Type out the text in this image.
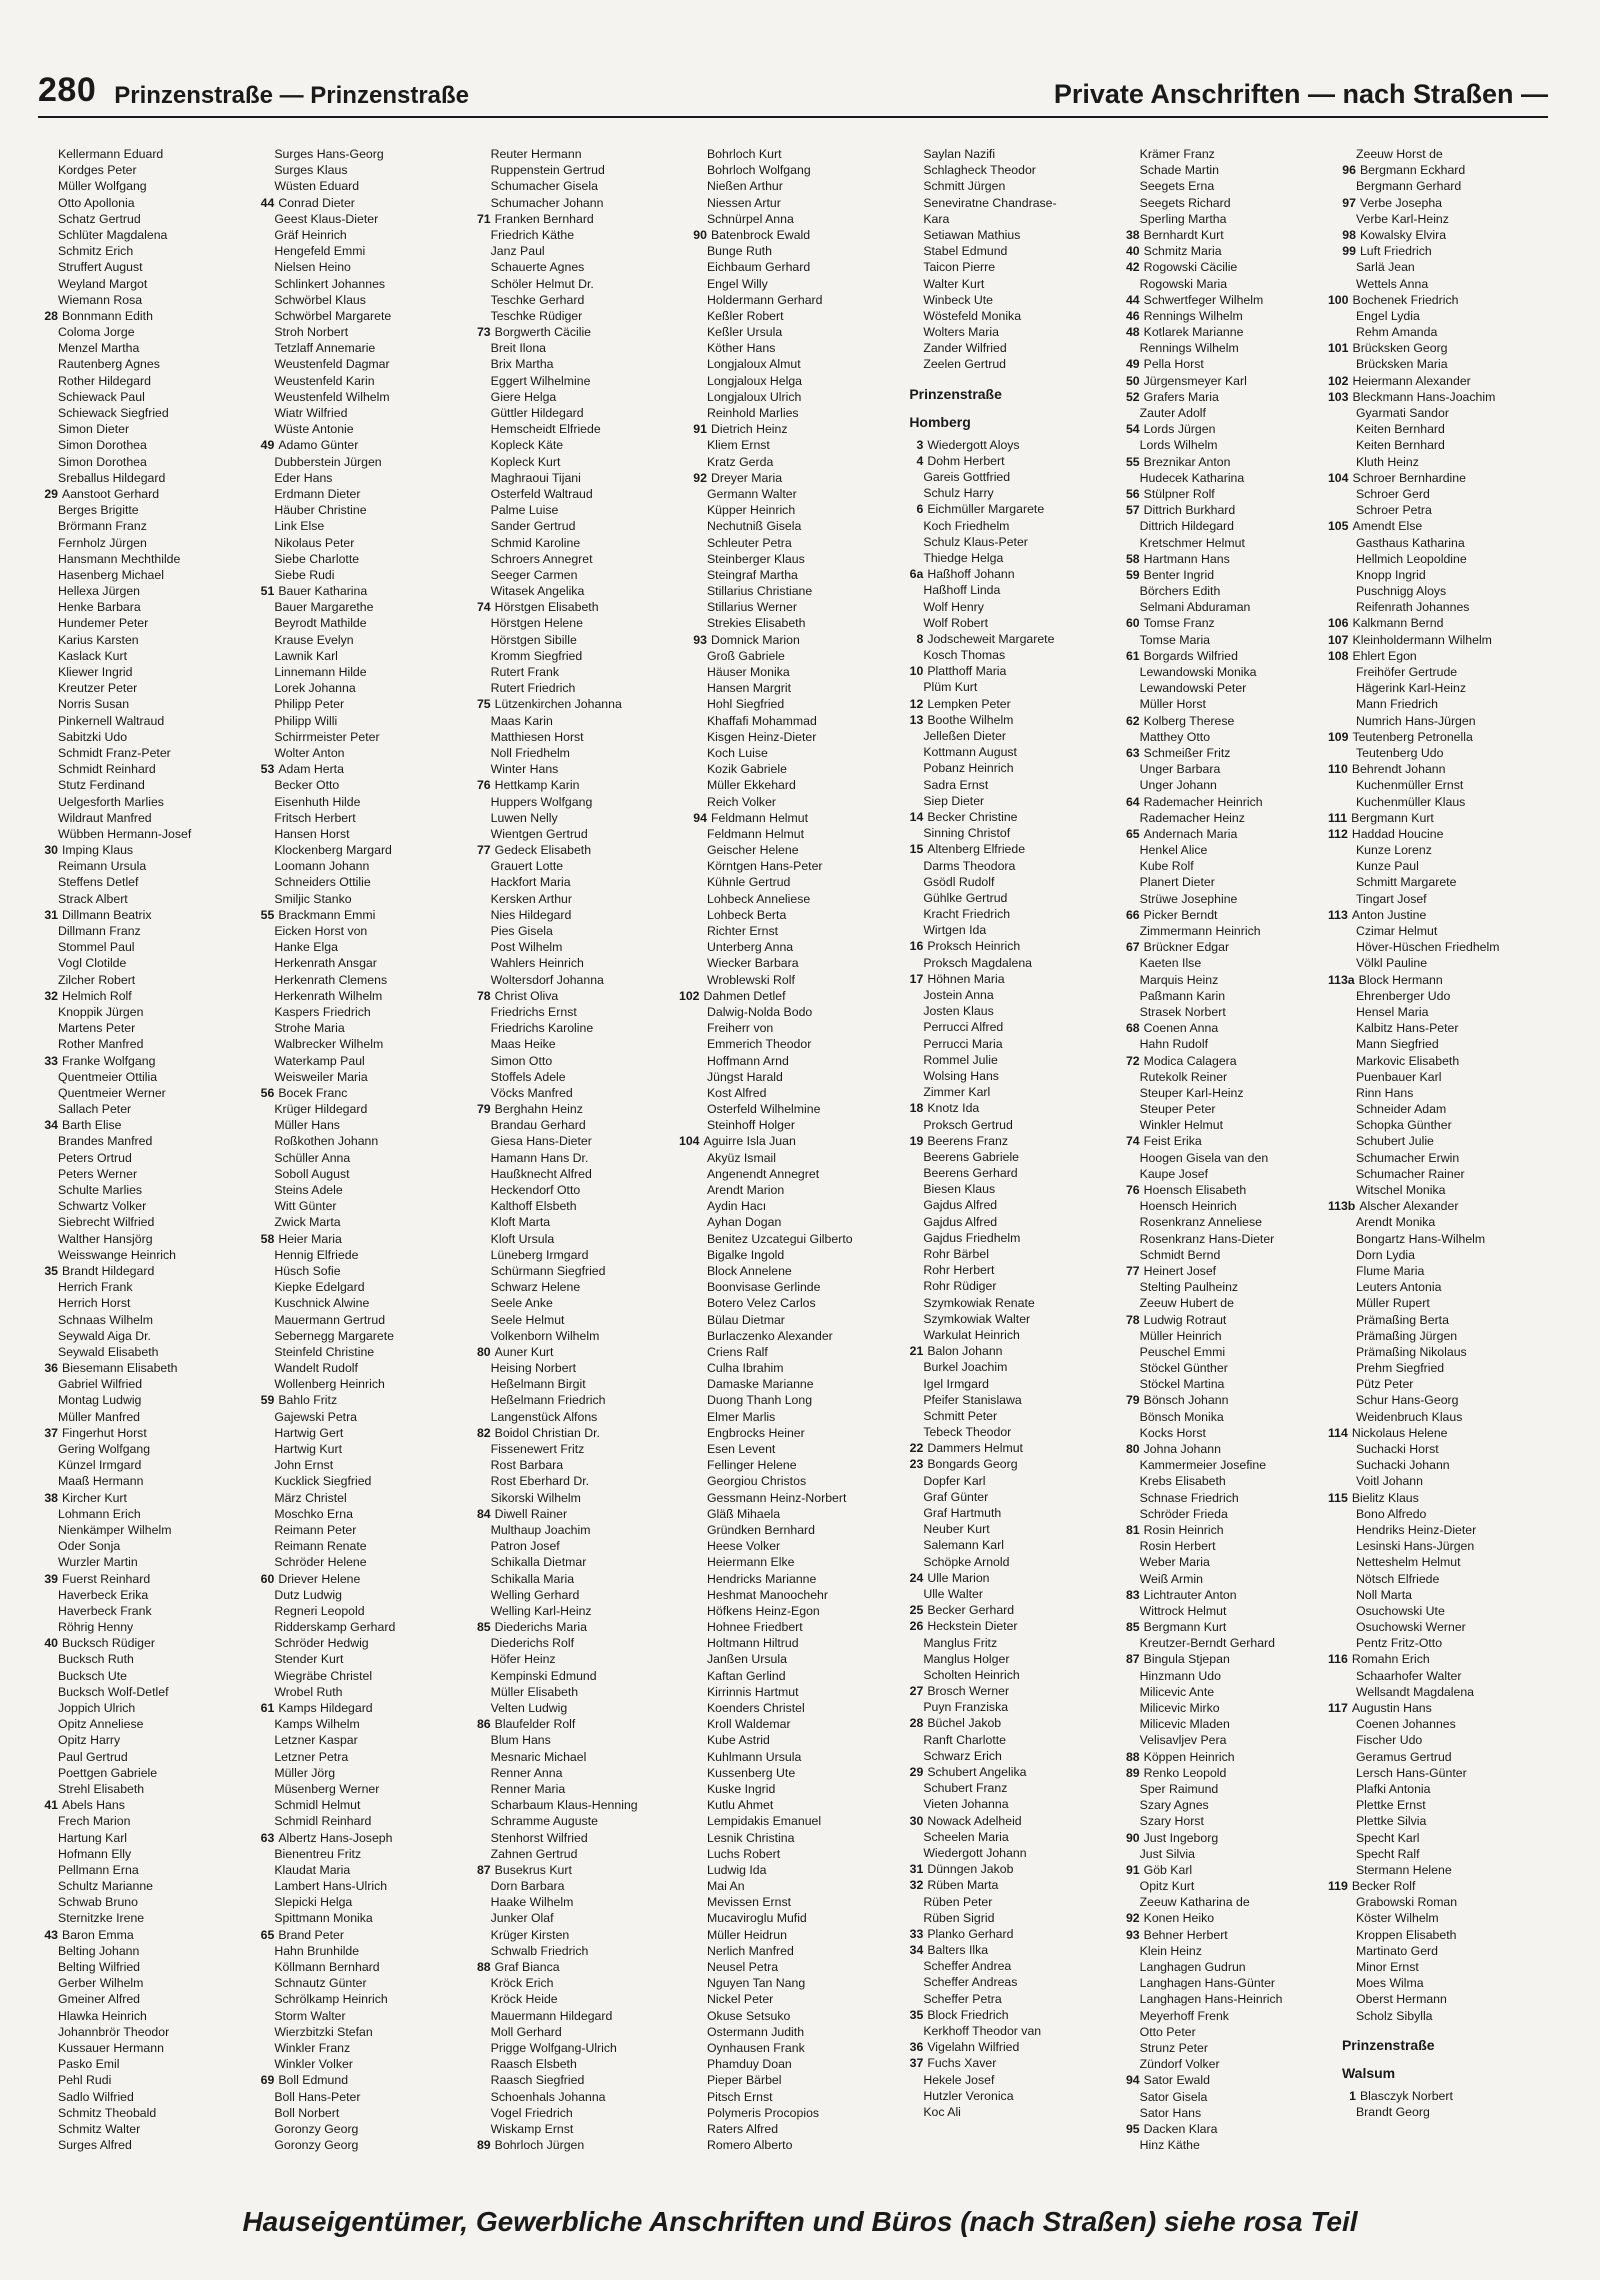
280 Prinzenstraße — Prinzenstraße	Private Anschriften — nach Straßen —
Kellermann Eduard
Kordges Peter
Müller Wolfgang
Otto Apollonia
Schatz Gertrud
Schlüter Magdalena
Schmitz Erich
Struffert August
Weyland Margot
Wiemann Rosa
28 Bonnmann Edith
Coloma Jorge
Menzel Martha
Rautenberg Agnes
Rother Hildegard
Schiewack Paul
Schiewack Siegfried
Simon Dieter
Simon Dorothea
Simon Dorothea
Sreballus Hildegard
29 Aanstoot Gerhard
Berges Brigitte
Brörmann Franz
Fernholz Jürgen
Hansmann Mechthilde
Hasenberg Michael
Hellexa Jürgen
Henke Barbara
Hundemer Peter
Karius Karsten
Kaslack Kurt
Kliewer Ingrid
Kreutzer Peter
Norris Susan
Pinkernell Waltraud
Sabitzki Udo
Schmidt Franz-Peter
Schmidt Reinhard
Stutz Ferdinand
Uelgesforth Marlies
Wildraut Manfred
Wübben Hermann-Josef
30 Imping Klaus
Reimann Ursula
Steffens Detlef
Strack Albert
31 Dillmann Beatrix
Dillmann Franz
Stommel Paul
Vogl Clotilde
Zilcher Robert
32 Helmich Rolf
Knoppik Jürgen
Martens Peter
Rother Manfred
33 Franke Wolfgang
Quentmeier Ottilia
Quentmeier Werner
Sallach Peter
34 Barth Elise
Brandes Manfred
Peters Ortrud
Peters Werner
Schulte Marlies
Schwartz Volker
Siebrecht Wilfried
Walther Hansjörg
Weisswange Heinrich
35 Brandt Hildegard
Herrich Frank
Herrich Horst
Schnaas Wilhelm
Seywald Aiga Dr.
Seywald Elisabeth
36 Biesemann Elisabeth
Gabriel Wilfried
Montag Ludwig
Müller Manfred
37 Fingerhut Horst
Gering Wolfgang
Künzel Irmgard
Maaß Hermann
38 Kircher Kurt
Lohmann Erich
Nienkämper Wilhelm
Oder Sonja
Wurzler Martin
39 Fuerst Reinhard
Haverbeck Erika
Haverbeck Frank
Röhrig Henny
40 Bucksch Rüdiger
Bucksch Ruth
Bucksch Ute
Bucksch Wolf-Detlef
Joppich Ulrich
Opitz Anneliese
Opitz Harry
Paul Gertrud
Poettgen Gabriele
Strehl Elisabeth
41 Abels Hans
Frech Marion
Hartung Karl
Hofmann Elly
Pellmann Erna
Schultz Marianne
Schwab Bruno
Sternitzke Irene
43 Baron Emma
Belting Johann
Belting Wilfried
Gerber Wilhelm
Gmeiner Alfred
Hlawka Heinrich
Johannbrör Theodor
Kussauer Hermann
Pasko Emil
Pehl Rudi
Sadlo Wilfried
Schmitz Theobald
Schmitz Walter
Surges Alfred
Surges Hans-Georg
Surges Klaus
Wüsten Eduard
44 Conrad Dieter
Geest Klaus-Dieter
Gräf Heinrich
Hengefeld Emmi
Nielsen Heino
Schlinkert Johannes
Schwörbel Klaus
Schwörbel Margarete
Stroh Norbert
Tetzlaff Annemarie
Weustenfeld Dagmar
Weustenfeld Karin
Weustenfeld Wilhelm
Wiatr Wilfried
Wüste Antonie
49 Adamo Günter
Dubberstein Jürgen
Eder Hans
Erdmann Dieter
Häuber Christine
Link Else
Nikolaus Peter
Siebe Charlotte
Siebe Rudi
51 Bauer Katharina
Bauer Margarethe
Beyrodt Mathilde
Krause Evelyn
Lawnik Karl
Linnemann Hilde
Lorek Johanna
Philipp Peter
Philipp Willi
Schirrmeister Peter
Wolter Anton
53 Adam Herta
Becker Otto
Eisenhuth Hilde
Fritsch Herbert
Hansen Horst
Klockenberg Margard
Loomann Johann
Schneiders Ottilie
Smiljic Stanko
55 Brackmann Emmi
Eicken Horst von
Hanke Elga
Herkenrath Ansgar
Herkenrath Clemens
Herkenrath Wilhelm
Kaspers Friedrich
Strohe Maria
Walbrecker Wilhelm
Waterkamp Paul
Weisweiler Maria
56 Bocek Franc
Krüger Hildegard
Müller Hans
Roßkothen Johann
Schüller Anna
Soboll August
Steins Adele
Witt Günter
Zwick Marta
58 Heier Maria
Hennig Elfriede
Hüsch Sofie
Kiepke Edelgard
Kuschnick Alwine
Mauermann Gertrud
Sebernegg Margarete
Steinfeld Christine
Wandelt Rudolf
Wollenberg Heinrich
59 Bahlo Fritz
Gajewski Petra
Hartwig Gert
Hartwig Kurt
John Ernst
Kucklick Siegfried
März Christel
Moschko Erna
Reimann Peter
Reimann Renate
Schröder Helene
60 Driever Helene
Dutz Ludwig
Regneri Leopold
Ridderskamp Gerhard
Schröder Hedwig
Stender Kurt
Wiegräbe Christel
Wrobel Ruth
61 Kamps Hildegard
Kamps Wilhelm
Letzner Kaspar
Letzner Petra
Müller Jörg
Müsenberg Werner
Schmidl Helmut
Schmidl Reinhard
63 Albertz Hans-Joseph
Bienentreu Fritz
Klaudat Maria
Lambert Hans-Ulrich
Slepicki Helga
Spittmann Monika
65 Brand Peter
Hahn Brunhilde
Köllmann Bernhard
Schnautz Günter
Schrölkamp Heinrich
Storm Walter
Wierzbitzki Stefan
Winkler Franz
Winkler Volker
69 Boll Edmund
Boll Hans-Peter
Boll Norbert
Goronzy Georg
Goronzy Georg
Reuter Hermann
Ruppenstein Gertrud
Schumacher Gisela
Schumacher Johann
71 Franken Bernhard
Friedrich Käthe
Janz Paul
Schauerte Agnes
Schöler Helmut Dr.
Teschke Gerhard
Teschke Rüdiger
73 Borgwerth Cäcilie
Breit Ilona
Brix Martha
Eggert Wilhelmine
Giere Helga
Güttler Hildegard
Hemscheidt Elfriede
Kopleck Käte
Kopleck Kurt
Maghraoui Tijani
Osterfeld Waltraud
Palme Luise
Sander Gertrud
Schmid Karoline
Schroers Annegret
Seeger Carmen
Witasek Angelika
74 Hörstgen Elisabeth
Hörstgen Helene
Hörstgen Sibille
Kromm Siegfried
Rutert Frank
Rutert Friedrich
75 Lützenkirchen Johanna
Maas Karin
Matthiesen Horst
Noll Friedhelm
Winter Hans
76 Hettkamp Karin
Huppers Wolfgang
Luwen Nelly
Wientgen Gertrud
77 Gedeck Elisabeth
Grauert Lotte
Hackfort Maria
Kersken Arthur
Nies Hildegard
Pies Gisela
Post Wilhelm
Wahlers Heinrich
Woltersdorf Johanna
78 Christ Oliva
Friedrichs Ernst
Friedrichs Karoline
Maas Heike
Simon Otto
Stoffels Adele
Vöcks Manfred
79 Berghahn Heinz
Brandau Gerhard
Giesa Hans-Dieter
Hamann Hans Dr.
Haußknecht Alfred
Heckendorf Otto
Kalthoff Elsbeth
Kloft Marta
Kloft Ursula
Lüneberg Irmgard
Schürmann Siegfried
Schwarz Helene
Seele Anke
Seele Helmut
Volkenborn Wilhelm
80 Auner Kurt
Heising Norbert
Heßelmann Birgit
Heßelmann Friedrich
Langenstück Alfons
82 Boidol Christian Dr.
Fissenewert Fritz
Rost Barbara
Rost Eberhard Dr.
Sikorski Wilhelm
84 Diwell Rainer
Multhaup Joachim
Patron Josef
Schikalla Dietmar
Schikalla Maria
Welling Gerhard
Welling Karl-Heinz
85 Diederichs Maria
Diederichs Rolf
Höfer Heinz
Kempinski Edmund
Müller Elisabeth
Velten Ludwig
86 Blaufelder Rolf
Blum Hans
Mesnaric Michael
Renner Anna
Renner Maria
Scharbaum Klaus-Henning
Schramme Auguste
Stenhorst Wilfried
Zahnen Gertrud
87 Busekrus Kurt
Dorn Barbara
Haake Wilhelm
Junker Olaf
Krüger Kirsten
Schwalb Friedrich
88 Graf Bianca
Kröck Erich
Kröck Heide
Mauermann Hildegard
Moll Gerhard
Prigge Wolfgang-Ulrich
Raasch Elsbeth
Raasch Siegfried
Schoenhals Johanna
Vogel Friedrich
Wiskamp Ernst
89 Bohrloch Jürgen
Bohrloch Kurt
Bohrloch Wolfgang
Nießen Arthur
Niessen Artur
Schnürpel Anna
90 Batenbrock Ewald
Bunge Ruth
Eichbaum Gerhard
Engel Willy
Holdermann Gerhard
Keßler Robert
Keßler Ursula
Köther Hans
Longjaloux Almut
Longjaloux Helga
Longjaloux Ulrich
Reinhold Marlies
91 Dietrich Heinz
Kliem Ernst
Kratz Gerda
92 Dreyer Maria
Germann Walter
Küpper Heinrich
Nechutniß Gisela
Schleuter Petra
Steinberger Klaus
Steingraf Martha
Stillarius Christiane
Stillarius Werner
Strekies Elisabeth
93 Domnick Marion
Groß Gabriele
Häuser Monika
Hansen Margrit
Hohl Siegfried
Khaffafi Mohammad
Kisgen Heinz-Dieter
Koch Luise
Kozik Gabriele
Müller Ekkehard
Reich Volker
94 Feldmann Helmut
Feldmann Helmut
Geischer Helene
Körntgen Hans-Peter
Kühnle Gertrud
Lohbeck Anneliese
Lohbeck Berta
Richter Ernst
Unterberg Anna
Wiecker Barbara
Wroblewski Rolf
102 Dahmen Detlef
Dalwig-Nolda Bodo
Freiherr von
Emmerich Theodor
Hoffmann Arnd
Jüngst Harald
Kost Alfred
Osterfeld Wilhelmine
Steinhoff Holger
104 Aguirre Isla Juan
Akyüz Ismail
Angenendt Annegret
Arendt Marion
Aydin Hacı
Ayhan Dogan
Benitez Uzcategui Gilberto
Bigalke Ingold
Block Annelene
Boonvisase Gerlinde
Botero Velez Carlos
Bülau Dietmar
Burlaczenko Alexander
Criens Ralf
Culha Ibrahim
Damaske Marianne
Duong Thanh Long
Elmer Marlis
Engbrocks Heiner
Esen Levent
Fellinger Helene
Georgiou Christos
Gessmann Heinz-Norbert
Gläß Mihaela
Gründken Bernhard
Heese Volker
Heiermann Elke
Hendricks Marianne
Heshmat Manoochehr
Höfkens Heinz-Egon
Hohnee Friedbert
Holtmann Hiltrud
Janßen Ursula
Kaftan Gerlind
Kirrinnis Hartmut
Koenders Christel
Kroll Waldemar
Kube Astrid
Kuhlmann Ursula
Kussenberg Ute
Kuske Ingrid
Kutlu Ahmet
Lempidakis Emanuel
Lesnik Christina
Luchs Robert
Ludwig Ida
Mai An
Mevissen Ernst
Mucaviroglu Mufid
Müller Heidrun
Nerlich Manfred
Neusel Petra
Nguyen Tan Nang
Nickel Peter
Okuse Setsuko
Ostermann Judith
Oynhausen Frank
Phamduy Doan
Pieper Bärbel
Pitsch Ernst
Polymeris Procopios
Raters Alfred
Romero Alberto
Saylan Nazifi
Schlagheck Theodor
Schmitt Jürgen
Seneviratne Chandrase-
Kara
Setiawan Mathius
Stabel Edmund
Taicon Pierre
Walter Kurt
Winbeck Ute
Wöstefeld Monika
Wolters Maria
Zander Wilfried
Zeelen Gertrud
Prinzenstraße
Homberg
3 Wiedergott Aloys
4 Dohm Herbert
Gareis Gottfried
Schulz Harry
6 Eichmüller Margarete
Koch Friedhelm
Schulz Klaus-Peter
Thiedge Helga
6a Haßhoff Johann
Haßhoff Linda
Wolf Henry
Wolf Robert
8 Jodscheweit Margarete
Kosch Thomas
10 Platthoff Maria
Plüm Kurt
12 Lempken Peter
13 Boothe Wilhelm
Jelleßen Dieter
Kottmann August
Pobanz Heinrich
Sadra Ernst
Siep Dieter
14 Becker Christine
Sinning Christof
15 Altenberg Elfriede
Darms Theodora
Gsödl Rudolf
Gühlke Gertrud
Kracht Friedrich
Wirtgen Ida
16 Proksch Heinrich
Proksch Magdalena
17 Höhnen Maria
Jostein Anna
Josten Klaus
Perrucci Alfred
Perrucci Maria
Rommel Julie
Wolsing Hans
Zimmer Karl
18 Knotz Ida
Proksch Gertrud
19 Beerens Franz
Beerens Gabriele
Beerens Gerhard
Biesen Klaus
Gajdus Alfred
Gajdus Alfred
Gajdus Friedhelm
Rohr Bärbel
Rohr Herbert
Rohr Rüdiger
Szymkowiak Renate
Szymkowiak Walter
Warkulat Heinrich
21 Balon Johann
Burkel Joachim
Igel Irmgard
Pfeifer Stanislawa
Schmitt Peter
Tebeck Theodor
22 Dammers Helmut
23 Bongards Georg
Dopfer Karl
Graf Günter
Graf Hartmuth
Neuber Kurt
Salemann Karl
Schöpke Arnold
24 Ulle Marion
Ulle Walter
25 Becker Gerhard
26 Heckstein Dieter
Manglus Fritz
Manglus Holger
Scholten Heinrich
27 Brosch Werner
Puyn Franziska
28 Büchel Jakob
Ranft Charlotte
Schwarz Erich
29 Schubert Angelika
Schubert Franz
Vieten Johanna
30 Nowack Adelheid
Scheelen Maria
Wiedergott Johann
31 Dünngen Jakob
32 Rüben Marta
Rüben Peter
Rüben Sigrid
33 Planko Gerhard
34 Balters Ilka
Scheffer Andrea
Scheffer Andreas
Scheffer Petra
35 Block Friedrich
Kerkhoff Theodor van
36 Vigelahn Wilfried
37 Fuchs Xaver
Hekele Josef
Hutzler Veronica
Koc Ali
Krämer Franz
Schade Martin
Seegets Erna
Seegets Richard
Sperling Martha
38 Bernhardt Kurt
40 Schmitz Maria
42 Rogowski Cäcilie
Rogowski Maria
44 Schwertfeger Wilhelm
46 Rennings Wilhelm
48 Kotlarek Marianne
Rennings Wilhelm
49 Pella Horst
50 Jürgensmeyer Karl
52 Grafers Maria
Zauter Adolf
54 Lords Jürgen
Lords Wilhelm
55 Breznikar Anton
Hudecek Katharina
56 Stülpner Rolf
57 Dittrich Burkhard
Dittrich Hildegard
Kretschmer Helmut
58 Hartmann Hans
59 Benter Ingrid
Börchers Edith
Selmani Abduraman
60 Tomse Franz
Tomse Maria
61 Borgards Wilfried
Lewandowski Monika
Lewandowski Peter
Müller Horst
62 Kolberg Therese
Matthey Otto
63 Schmeißer Fritz
Unger Barbara
Unger Johann
64 Rademacher Heinrich
Rademacher Heinz
65 Andernach Maria
Henkel Alice
Kube Rolf
Planert Dieter
Strüwe Josephine
66 Picker Berndt
Zimmermann Heinrich
67 Brückner Edgar
Kaeten Ilse
Marquis Heinz
Paßmann Karin
Strasek Norbert
68 Coenen Anna
Hahn Rudolf
72 Modica Calagera
Rutekolk Reiner
Steuper Karl-Heinz
Steuper Peter
Winkler Helmut
74 Feist Erika
Hoogen Gisela van den
Kaupe Josef
76 Hoensch Elisabeth
Hoensch Heinrich
Rosenkranz Anneliese
Rosenkranz Hans-Dieter
Schmidt Bernd
77 Heinert Josef
Stelting Paulheinz
Zeeuw Hubert de
78 Ludwig Rotraut
Müller Heinrich
Peuschel Emmi
Stöckel Günther
Stöckel Martina
79 Bönsch Johann
Bönsch Monika
Kocks Horst
80 Johna Johann
Kammermeier Josefine
Krebs Elisabeth
Schnase Friedrich
Schröder Frieda
81 Rosin Heinrich
Rosin Herbert
Weber Maria
Weiß Armin
83 Lichtrauter Anton
Wittrock Helmut
85 Bergmann Kurt
Kreutzer-Berndt Gerhard
87 Bingula Stjepan
Hinzmann Udo
Milicevic Ante
Milicevic Mirko
Milicevic Mladen
Velisavljev Pera
88 Köppen Heinrich
89 Renko Leopold
Sper Raimund
Szary Agnes
Szary Horst
90 Just Ingeborg
Just Silvia
91 Göb Karl
Opitz Kurt
Zeeuw Katharina de
92 Konen Heiko
93 Behner Herbert
Klein Heinz
Langhagen Gudrun
Langhagen Hans-Günter
Langhagen Hans-Heinrich
Meyerhoff Frenk
Otto Peter
Strunz Peter
Zündorf Volker
94 Sator Ewald
Sator Gisela
Sator Hans
95 Dacken Klara
Hinz Käthe
Zeeuw Horst de
96 Bergmann Eckhard
Bergmann Gerhard
97 Verbe Josepha
Verbe Karl-Heinz
98 Kowalsky Elvira
99 Luft Friedrich
Sarlä Jean
Wettels Anna
100 Bochenek Friedrich
Engel Lydia
Rehm Amanda
101 Brücksken Georg
Brücksken Maria
102 Heiermann Alexander
103 Bleckmann Hans-Joachim
Gyarmati Sandor
Keiten Bernhard
Keiten Bernhard
Kluth Heinz
104 Schroer Bernhardine
Schroer Gerd
Schroer Petra
105 Amendt Else
Gasthaus Katharina
Hellmich Leopoldine
Knopp Ingrid
Puschnigg Aloys
Reifenrath Johannes
106 Kalkmann Bernd
107 Kleinholdermann Wilhelm
108 Ehlert Egon
Freihöfer Gertrude
Hägerink Karl-Heinz
Mann Friedrich
Numrich Hans-Jürgen
109 Teutenberg Petronella
Teutenberg Udo
110 Behrendt Johann
Kuchenmüller Ernst
Kuchenmüller Klaus
111 Bergmann Kurt
112 Haddad Houcine
Kunze Lorenz
Kunze Paul
Schmitt Margarete
Tingart Josef
113 Anton Justine
Czimar Helmut
Höver-Hüschen Friedhelm
Völkl Pauline
113a Block Hermann
Ehrenberger Udo
Hensel Maria
Kalbitz Hans-Peter
Mann Siegfried
Markovic Elisabeth
Puenbauer Karl
Rinn Hans
Schneider Adam
Schopka Günther
Schubert Julie
Schumacher Erwin
Schumacher Rainer
Witschel Monika
113b Alscher Alexander
Arendt Monika
Bongartz Hans-Wilhelm
Dorn Lydia
Flume Maria
Leuters Antonia
Müller Rupert
Prämaßing Berta
Prämaßing Jürgen
Prämaßing Nikolaus
Prehm Siegfried
Pütz Peter
Schur Hans-Georg
Weidenbruch Klaus
114 Nickolaus Helene
Suchacki Horst
Suchacki Johann
Voitl Johann
115 Bielitz Klaus
Bono Alfredo
Hendriks Heinz-Dieter
Lesinski Hans-Jürgen
Netteshelm Helmut
Nötsch Elfriede
Noll Marta
Osuchowski Ute
Osuchowski Werner
Pentz Fritz-Otto
116 Romahn Erich
Schaarhofer Walter
Wellsandt Magdalena
117 Augustin Hans
Coenen Johannes
Fischer Udo
Geramus Gertrud
Lersch Hans-Günter
Plafki Antonia
Plettke Ernst
Plettke Silvia
Specht Karl
Specht Ralf
Stermann Helene
119 Becker Rolf
Grabowski Roman
Köster Wilhelm
Kroppen Elisabeth
Martinato Gerd
Minor Ernst
Moes Wilma
Oberst Hermann
Scholz Sibylla
Prinzenstraße
Walsum
1 Blasczyk Norbert
Brandt Georg
Hauseigentümer, Gewerbliche Anschriften und Büros (nach Straßen) siehe rosa Teil
